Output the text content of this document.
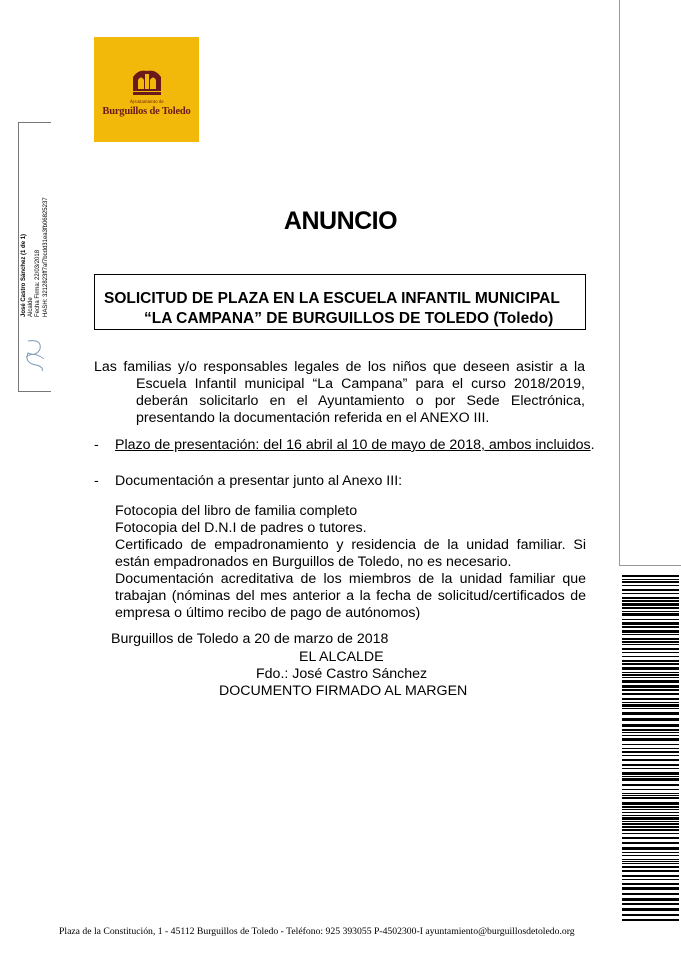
Ayuntamiento de
Burguillos de Toledo
José Castro Sánchez (1 de 1) Alcalde Fecha Firma: 22/03/2018 HASH: 3212823ff7af7bcdd31ea3fb06825237	ANUNCIO
SOLICITUD DE PLAZA EN LA ESCUELA INFANTIL MUNICIPAL
“LA CAMPANA” DE BURGUILLOS DE TOLEDO (Toledo)
Las familias y/o responsables legales de los niños que deseen asistir a la
Escuela Infantil municipal “La Campana” para el curso 2018/2019, deberán solicitarlo en el Ayuntamiento o por Sede Electrónica, presentando la documentación referida en el ANEXO III.
- Plazo de presentación: del 16 abril al 10 de mayo de 2018, ambos incluidos.
- Documentación a presentar junto al Anexo III:
Fotocopia del libro de familia completo
Fotocopia del D.N.I de padres o tutores.
Certificado de empadronamiento y residencia de la unidad familiar. Si están empadronados en Burguillos de Toledo, no es necesario.
Documentación acreditativa de los miembros de la unidad familiar que trabajan (nóminas del mes anterior a la fecha de solicitud/certificados de empresa o último recibo de pago de autónomos)
Burguillos de Toledo a 20 de marzo de 2018
EL ALCALDE
Fdo.: José Castro Sánchez
DOCUMENTO FIRMADO AL MARGEN
Plaza de la Constitución, 1 - 45112 Burguillos de Toledo - Teléfono: 925 393055 P-4502300-I ayuntamiento@burguillosdetoledo.org
